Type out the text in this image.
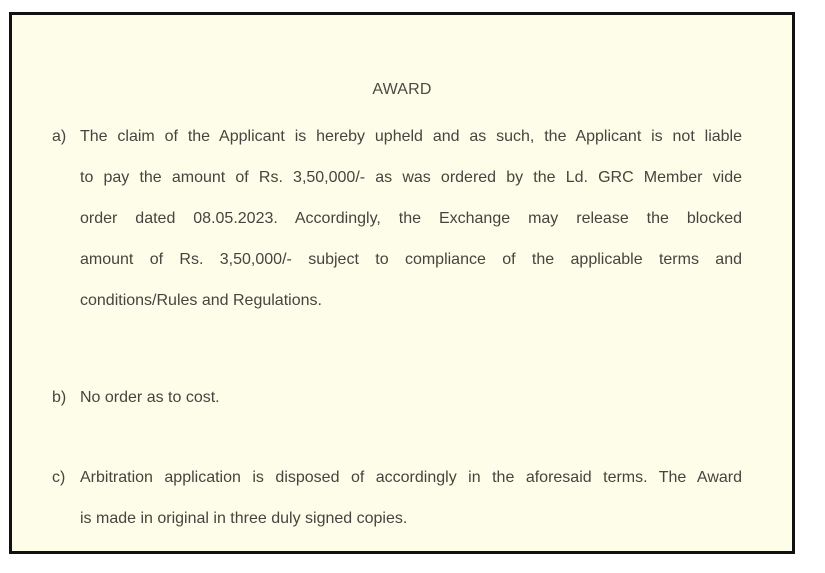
AWARD
a) The claim of the Applicant is hereby upheld and as such, the Applicant is not liable
to pay the amount of Rs. 3,50,000/- as was ordered by the Ld. GRC Member vide
order dated 08.05.2023. Accordingly, the Exchange may release the blocked
amount of Rs. 3,50,000/- subject to compliance of the applicable terms and
conditions/Rules and Regulations.
b) No order as to cost.
c) Arbitration application is disposed of accordingly in the aforesaid terms. The Award
is made in original in three duly signed copies.
